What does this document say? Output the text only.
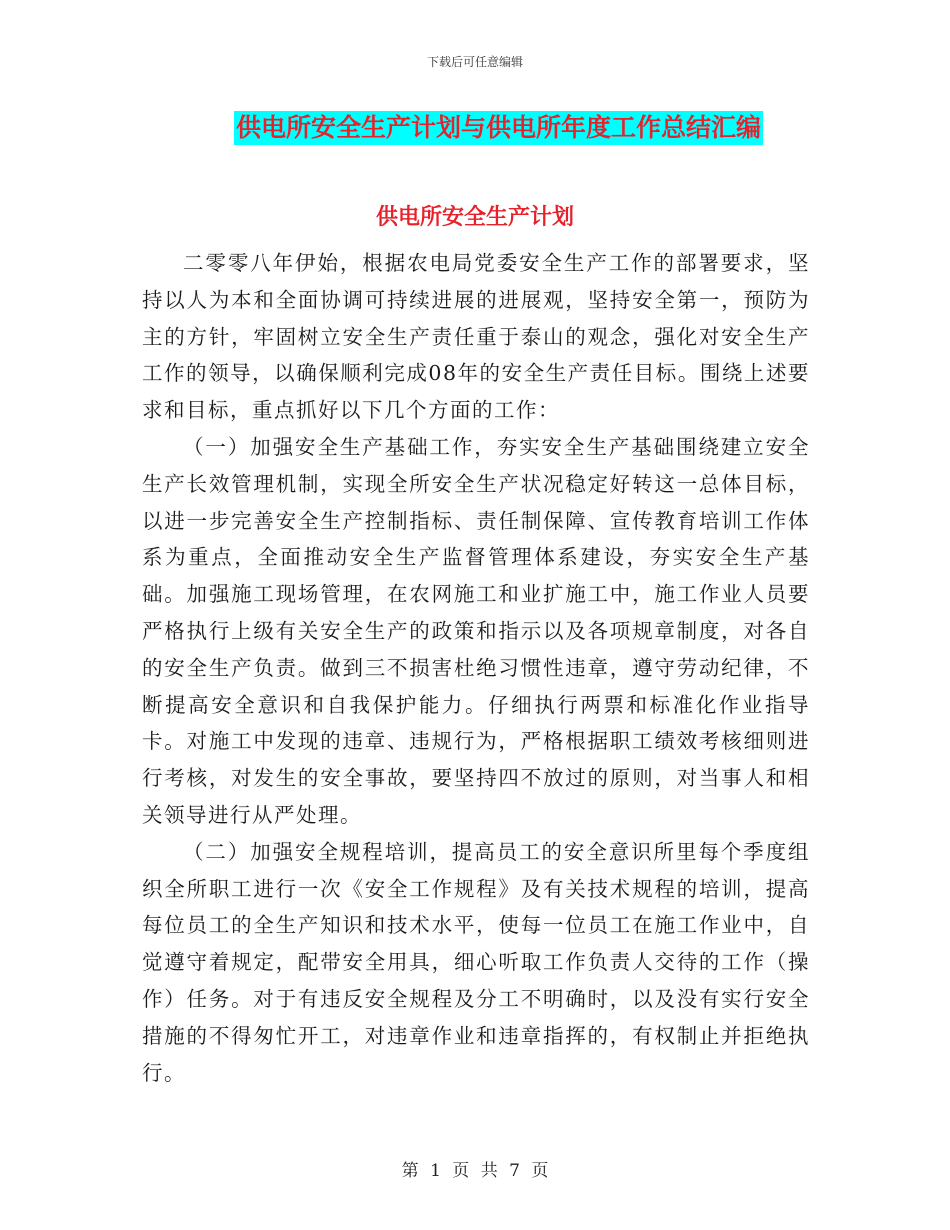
下载后可任意编辑
供电所安全生产计划与供电所年度工作总结汇编
供电所安全生产计划

二零零八年伊始，根据农电局党委安全生产工作的部署要求，坚持以人为本和全面协调可持续进展的进展观，坚持安全第一，预防为主的方针，牢固树立安全生产责任重于泰山的观念，强化对安全生产工作的领导，以确保顺利完成08年的安全生产责任目标。围绕上述要求和目标，重点抓好以下几个方面的工作：

（一）加强安全生产基础工作，夯实安全生产基础围绕建立安全生产长效管理机制，实现全所安全生产状况稳定好转这一总体目标，以进一步完善安全生产控制指标、责任制保障、宣传教育培训工作体系为重点，全面推动安全生产监督管理体系建设，夯实安全生产基础。加强施工现场管理，在农网施工和业扩施工中，施工作业人员要严格执行上级有关安全生产的政策和指示以及各项规章制度，对各自的安全生产负责。做到三不损害杜绝习惯性违章，遵守劳动纪律，不断提高安全意识和自我保护能力。仔细执行两票和标准化作业指导卡。对施工中发现的违章、违规行为，严格根据职工绩效考核细则进行考核，对发生的安全事故，要坚持四不放过的原则，对当事人和相关领导进行从严处理。

（二）加强安全规程培训，提高员工的安全意识所里每个季度组织全所职工进行一次《安全工作规程》及有关技术规程的培训，提高每位员工的全生产知识和技术水平，使每一位员工在施工作业中，自觉遵守着规定，配带安全用具，细心听取工作负责人交待的工作（操作）任务。对于有违反安全规程及分工不明确时，以及没有实行安全措施的不得匆忙开工，对违章作业和违章指挥的，有权制止并拒绝执行。

第 1 页 共 7 页
